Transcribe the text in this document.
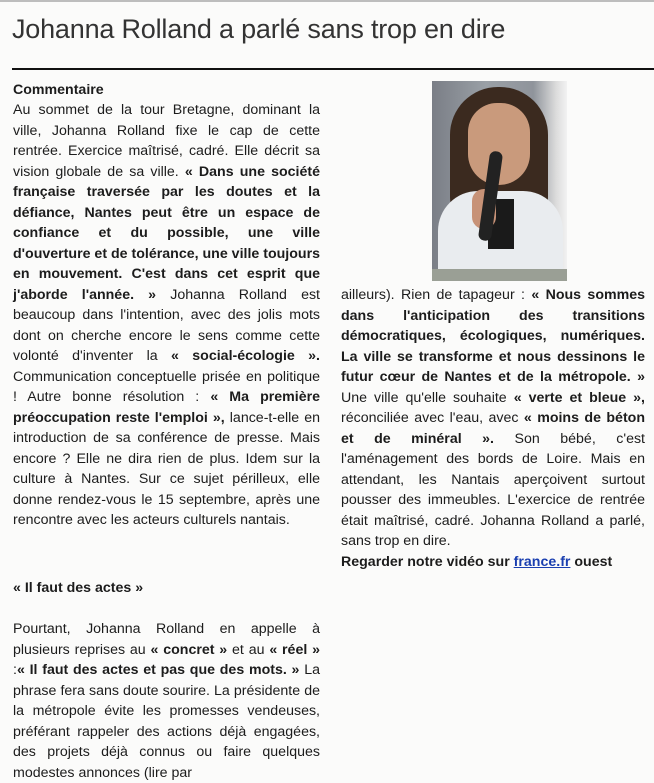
Johanna Rolland a parlé sans trop en dire

Commentaire

Au sommet de la tour Bretagne, dominant la ville, Johanna Rolland fixe le cap de cette rentrée. Exercice maîtrisé, cadré. Elle décrit sa vision globale de sa ville. « Dans une société française traversée par les doutes et la défiance, Nantes peut être un espace de confiance et du possible, une ville d'ouverture et de tolérance, une ville toujours en mouvement. C'est dans cet esprit que j'aborde l'année. » Johanna Rolland est beaucoup dans l'intention, avec des jolis mots dont on cherche encore le sens comme cette volonté d'inventer la « social-écologie ». Communication conceptuelle prisée en politique ! Autre bonne résolution : « Ma première préoccupation reste l'emploi », lance-t-elle en introduction de sa conférence de presse. Mais encore ? Elle ne dira rien de plus. Idem sur la culture à Nantes. Sur ce sujet périlleux, elle donne rendez-vous le 15 septembre, après une rencontre avec les acteurs culturels nantais.

« Il faut des actes »

Pourtant, Johanna Rolland en appelle à plusieurs reprises au « concret » et au « réel » :« Il faut des actes et pas que des mots. » La phrase fera sans doute sourire. La présidente de la métropole évite les promesses vendeuses, préférant rappeler des actions déjà engagées, des projets déjà connus ou faire quelques modestes annonces (lire par

ailleurs). Rien de tapageur : « Nous sommes dans l'anticipation des transitions démocratiques, écologiques, numériques. La ville se transforme et nous dessinons le futur cœur de Nantes et de la métropole. » Une ville qu'elle souhaite « verte et bleue », réconciliée avec l'eau, avec « moins de béton et de minéral ». Son bébé, c'est l'aménagement des bords de Loire. Mais en attendant, les Nantais aperçoivent surtout pousser des immeubles. L'exercice de rentrée était maîtrisé, cadré. Johanna Rolland a parlé, sans trop en dire.

Regarder notre vidéo sur france.fr ouest
